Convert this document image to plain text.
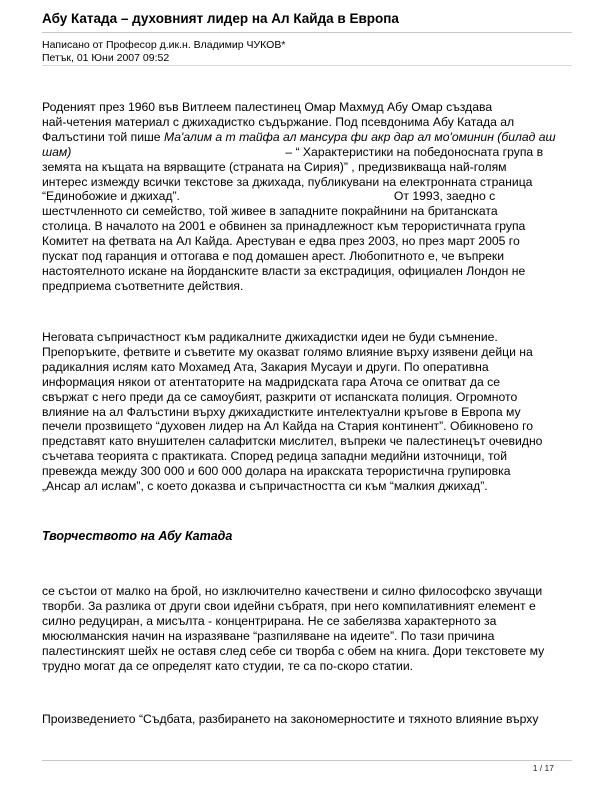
Абу Катада – духовният лидер на Ал Кайда в Европа
Написано от Професор д.ик.н. Владимир ЧУКОВ*
Петък, 01 Юни 2007 09:52
Роденият през 1960 във Витлеем палестинец Омар Махмуд Абу Омар създава
най-четения материал с джихадистко съдържание. Под псевдонима Абу Катада ал
Фалъстини той пише Ма'алим а т тайфа ал мансура фи акр дар ал мо'оминин (билад аш
шам)	– “ Характеристики на победоносната група в
земята на къщата на вярващите (страната на Сирия)” , предизвикваща най-голям
интерес измежду всички текстове за джихада, публикувани на електронната страница
“Единобожие и джихад”.	От 1993, заедно с
шестчленното си семейство, той живее в западните покрайнини на британската
столица. В началото на 2001 е обвинен за принадлежност към терористичната група
Комитет на фетвата на Ал Кайда. Арестуван е едва през 2003, но през март 2005 го
пускат под гаранция и оттогава е под домашен арест. Любопитното е, че въпреки
настоятелното искане на йорданските власти за екстрадиция, официален Лондон не
предприема съответните действия.
Неговата съпричастност към радикалните джихадистки идеи не буди съмнение.
Препоръките, фетвите и съветите му оказват голямо влияние върху изявени дейци на
радикалния ислям като Мохамед Ата, Закария Мусауи и други. По оперативна
информация някои от атентаторите на мадридската гара Аточа се опитват да се
свържат с него преди да се самоубият, разкрити от испанската полиция. Огромното
влияние на ал Фалъстини върху джихадистките интелектуални кръгове в Европа му
печели прозвището “духовен лидер на Ал Кайда на Стария континент”. Обикновено го
представят като внушителен салафитски мислител, въпреки че палестинецът очевидно
съчетава теорията с практиката. Според редица западни медийни източници, той
превежда между 300 000 и 600 000 долара на иракската терористична групировка
„Ансар ал ислам”, с което доказва и съпричастността си към “малкия джихад”.
Творчеството на Абу Катада
се състои от малко на брой, но изключително качествени и силно философско звучащи
творби. За разлика от други свои идейни събратя, при него компилативният елемент е
силно редуциран, а мисълта - концентрирана. Не се забелязва характерното за
мюсюлманския начин на изразяване “разпиляване на идеите”. По тази причина
палестинският шейх не оставя след себе си творба с обем на книга. Дори текстовете му
трудно могат да се определят като студии, те са по-скоро статии.
Произведението “Съдбата, разбирането на закономерностите и тяхното влияние върху
1 / 17
